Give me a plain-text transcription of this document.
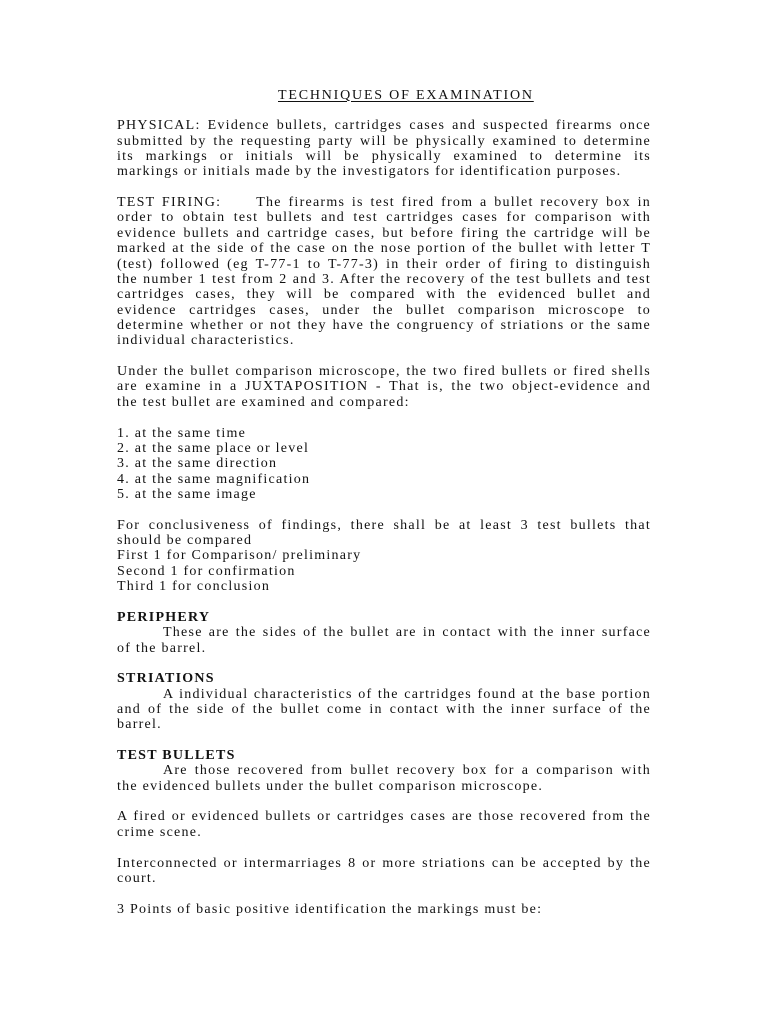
TECHNIQUES OF EXAMINATION
PHYSICAL: Evidence bullets, cartridges cases and suspected firearms once
submitted by the requesting party will be physically examined to determine
its markings or initials will be physically examined to determine its
markings or initials made by the investigators for identification purposes.
TEST FIRING:	The firearms is test fired from a bullet recovery box in
order to obtain test bullets and test cartridges cases for comparison with
evidence bullets and cartridge cases, but before firing the cartridge will be
marked at the side of the case on the nose portion of the bullet with letter T
(test) followed (eg T-77-1 to T-77-3) in their order of firing to distinguish
the number 1 test from 2 and 3. After the recovery of the test bullets and test
cartridges cases, they will be compared with the evidenced bullet and
evidence cartridges cases, under the bullet comparison microscope to
determine whether or not they have the congruency of striations or the same
individual characteristics.
Under the bullet comparison microscope, the two fired bullets or fired shells
are examine in a JUXTAPOSITION - That is, the two object-evidence and
the test bullet are examined and compared:
1. at the same time
2. at the same place or level
3. at the same direction
4. at the same magnification
5. at the same image
For conclusiveness of findings, there shall be at least 3 test bullets that
should be compared
First 1 for Comparison/ preliminary
Second 1 for confirmation
Third 1 for conclusion
PERIPHERY
These are the sides of the bullet are in contact with the inner surface
of the barrel.
STRIATIONS
A individual characteristics of the cartridges found at the base portion
and of the side of the bullet come in contact with the inner surface of the
barrel.
TEST BULLETS
Are those recovered from bullet recovery box for a comparison with
the evidenced bullets under the bullet comparison microscope.
A fired or evidenced bullets or cartridges cases are those recovered from the
crime scene.
Interconnected or intermarriages 8 or more striations can be accepted by the
court.
3 Points of basic positive identification the markings must be:
